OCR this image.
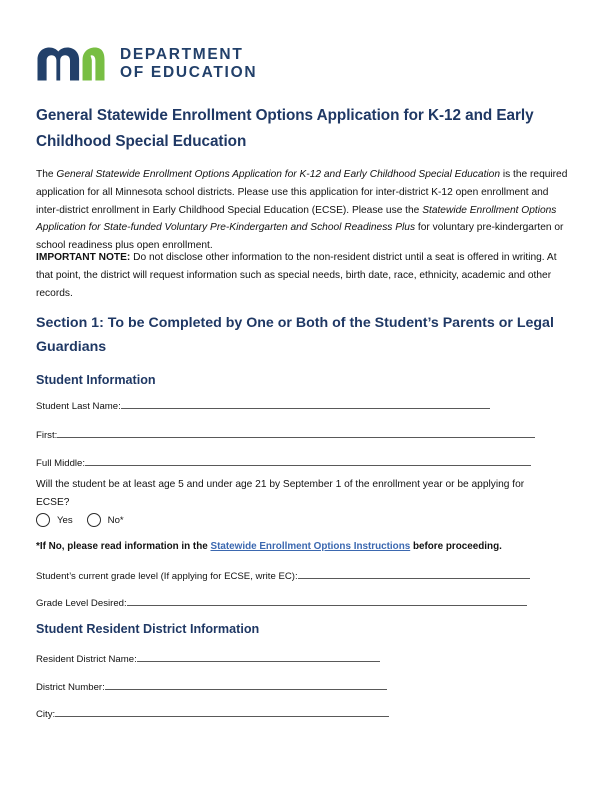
DEPARTMENT
OF EDUCATION
General Statewide Enrollment Options Application for K-12 and Early Childhood Special Education
The General Statewide Enrollment Options Application for K-12 and Early Childhood Special Education is the required application for all Minnesota school districts. Please use this application for inter-district K-12 open enrollment and inter-district enrollment in Early Childhood Special Education (ECSE). Please use the Statewide Enrollment Options Application for State-funded Voluntary Pre-Kindergarten and School Readiness Plus for voluntary pre-kindergarten or school readiness plus open enrollment.
IMPORTANT NOTE: Do not disclose other information to the non-resident district until a seat is offered in writing. At that point, the district will request information such as special needs, birth date, race, ethnicity, academic and other records.
Section 1: To be Completed by One or Both of the Student’s Parents or Legal Guardians
Student Information
Student Last Name:
First:
Full Middle:
Will the student be at least age 5 and under age 21 by September 1 of the enrollment year or be applying for ECSE?
Yes	No*
*If No, please read information in the Statewide Enrollment Options Instructions before proceeding.
Student’s current grade level (If applying for ECSE, write EC):
Grade Level Desired:
Student Resident District Information
Resident District Name:
District Number:
City:
